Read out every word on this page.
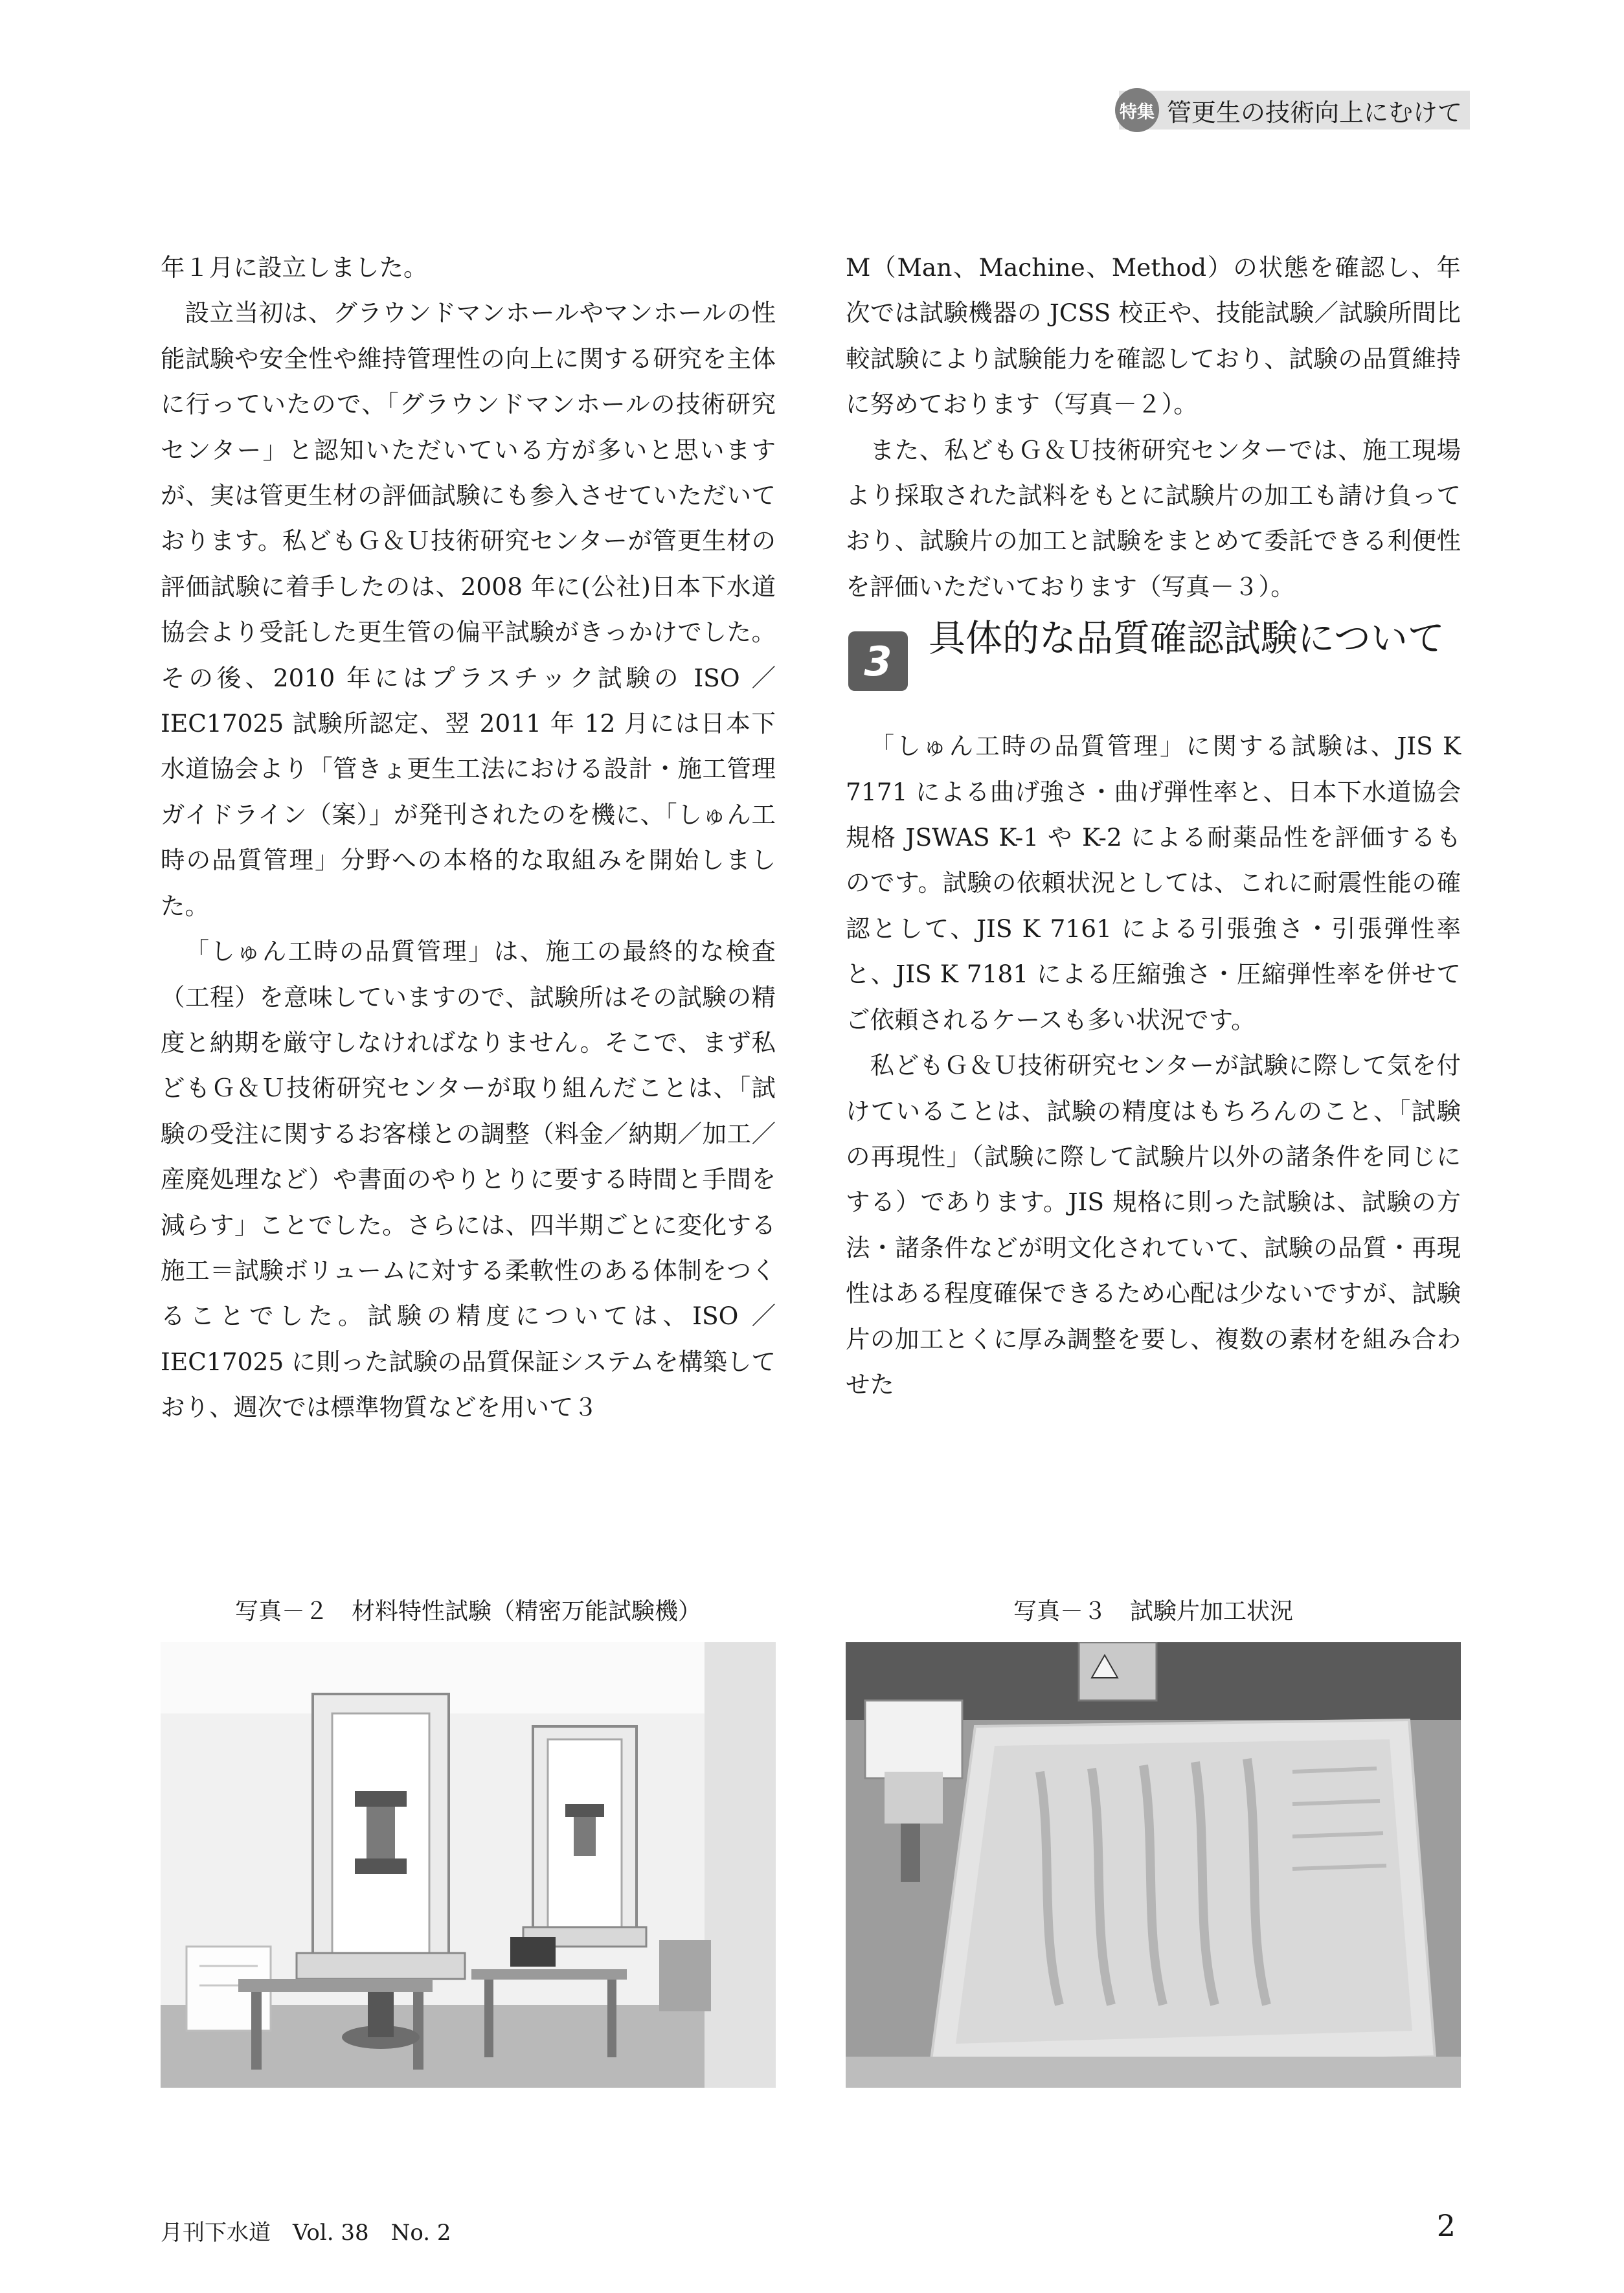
特集 管更生の技術向上にむけて

年１月に設立しました。

設立当初は、グラウンドマンホールやマンホールの性能試験や安全性や維持管理性の向上に関する研究を主体に行っていたので、「グラウンドマンホールの技術研究センター」と認知いただいている方が多いと思いますが、実は管更生材の評価試験にも参入させていただいております。私どもＧ＆Ｕ技術研究センターが管更生材の評価試験に着手したのは、2008 年に(公社)日本下水道協会より受託した更生管の偏平試験がきっかけでした。その後、2010 年にはプラスチック試験の ISO ／ IEC17025 試験所認定、翌 2011 年 12 月には日本下水道協会より「管きょ更生工法における設計・施工管理ガイドライン（案）」が発刊されたのを機に、「しゅん工時の品質管理」分野への本格的な取組みを開始しました。

「しゅん工時の品質管理」は、施工の最終的な検査（工程）を意味していますので、試験所はその試験の精度と納期を厳守しなければなりません。そこで、まず私どもＧ＆Ｕ技術研究センターが取り組んだことは、「試験の受注に関するお客様との調整（料金／納期／加工／産廃処理など）や書面のやりとりに要する時間と手間を減らす」ことでした。さらには、四半期ごとに変化する施工＝試験ボリュームに対する柔軟性のある体制をつくることでした。試験の精度については、ISO ／ IEC17025 に則った試験の品質保証システムを構築しており、週次では標準物質などを用いて３

M（Man、Machine、Method）の状態を確認し、年次では試験機器の JCSS 校正や、技能試験／試験所間比較試験により試験能力を確認しており、試験の品質維持に努めております（写真－２）。

また、私どもＧ＆Ｕ技術研究センターでは、施工現場より採取された試料をもとに試験片の加工も請け負っており、試験片の加工と試験をまとめて委託できる利便性を評価いただいております（写真－３）。

3 具体的な品質確認試験について

「しゅん工時の品質管理」に関する試験は、JIS K 7171 による曲げ強さ・曲げ弾性率と、日本下水道協会規格 JSWAS K-1 や K-2 による耐薬品性を評価するものです。試験の依頼状況としては、これに耐震性能の確認として、JIS K 7161 による引張強さ・引張弾性率と、JIS K 7181 による圧縮強さ・圧縮弾性率を併せてご依頼されるケースも多い状況です。

私どもＧ＆Ｕ技術研究センターが試験に際して気を付けていることは、試験の精度はもちろんのこと、「試験の再現性」（試験に際して試験片以外の諸条件を同じにする）であります。JIS 規格に則った試験は、試験の方法・諸条件などが明文化されていて、試験の品質・再現性はある程度確保できるため心配は少ないですが、試験片の加工とくに厚み調整を要し、複数の素材を組み合わせた

写真－２　材料特性試験（精密万能試験機）	写真－３　試験片加工状況
月刊下水道　Vol. 38　No. 2	2
